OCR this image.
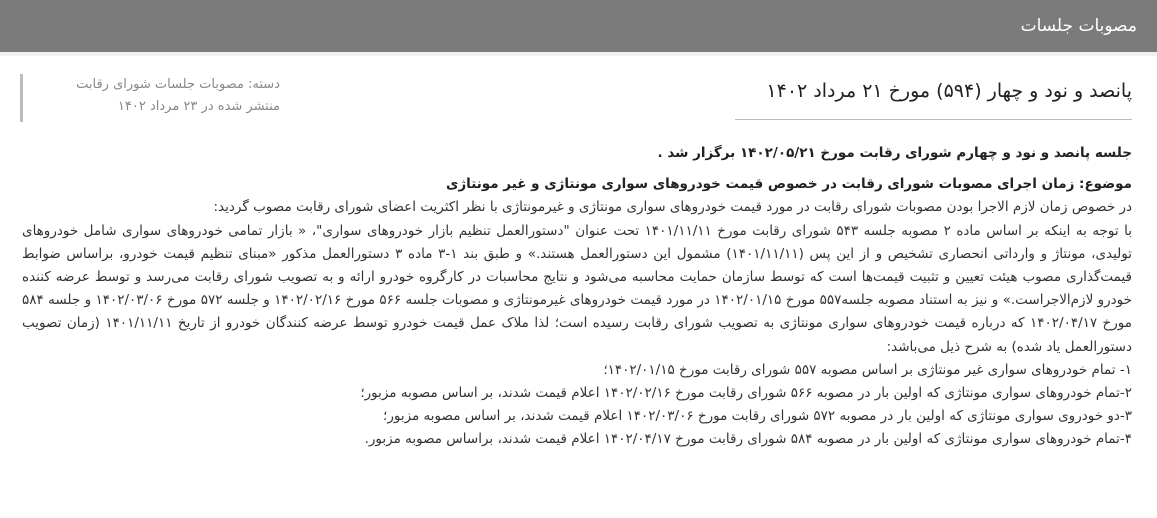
مصوبات جلسات
پانصد و نود و چهار (۵۹۴) مورخ ۲۱ مرداد ۱۴۰۲
دسته: مصوبات جلسات شورای رقابت
منتشر شده در ۲۳ مرداد ۱۴۰۲

جلسه پانصد و نود و چهارم شورای رقابت مورخ ۱۴۰۲/۰۵/۲۱ برگزار شد .

موضوع: زمان اجرای مصوبات شورای رقابت در خصوص قیمت خودروهای سواری مونتاژی و غیر مونتاژی

در خصوص زمان لازم الاجرا بودن مصوبات شورای رقابت در مورد قیمت خودروهای سواری مونتاژی و غیرمونتاژی با نظر اکثریت اعضای شورای رقابت مصوب گردید:

با توجه به اینکه بر اساس ماده ۲ مصوبه جلسه ۵۴۳ شورای رقابت مورخ ۱۴۰۱/۱۱/۱۱ تحت عنوان "دستورالعمل تنظیم بازار خودروهای سواری"، « بازار تمامی خودروهای سواری شامل خودروهای تولیدی، مونتاژ و وارداتی انحصاری تشخیص و از این پس (۱۴۰۱/۱۱/۱۱) مشمول این دستورالعمل هستند.» و طبق بند ۱-۳ ماده ۳ دستورالعمل مذکور «مبنای تنظیم قیمت خودرو، براساس ضوابط قیمت‌گذاری مصوب هیئت تعیین و تثبیت قیمت‌ها است که توسط سازمان حمایت محاسبه می‌شود و نتایج محاسبات در کارگروه خودرو ارائه و به تصویب شورای رقابت می‌رسد و توسط عرضه کننده خودرو لازم‌الاجراست.» و نیز به استناد مصوبه جلسه۵۵۷ مورخ ۱۴۰۲/۰۱/۱۵ در مورد قیمت خودروهای غیرمونتاژی و مصوبات جلسه ۵۶۶ مورخ ۱۴۰۲/۰۲/۱۶ و جلسه ۵۷۲ مورخ ۱۴۰۲/۰۳/۰۶ و جلسه ۵۸۴ مورخ ۱۴۰۲/۰۴/۱۷ که درباره قیمت خودروهای سواری مونتاژی به تصویب شورای رقابت رسیده است؛ لذا ملاک عمل قیمت خودرو توسط عرضه کنندگان خودرو از تاریخ ۱۴۰۱/۱۱/۱۱ (زمان تصویب دستورالعمل یاد شده) به شرح ذیل می‌باشد:

۱- تمام خودروهای سواری غیر مونتاژی بر اساس مصوبه ۵۵۷ شورای رقابت مورخ ۱۴۰۲/۰۱/۱۵؛

۲-تمام خودروهای سواری مونتاژی که اولین بار در مصوبه ۵۶۶ شورای رقابت مورخ ۱۴۰۲/۰۲/۱۶ اعلام قیمت شدند، بر اساس مصوبه مزبور؛

۳-دو خودروی سواری مونتاژی که اولین بار در مصوبه ۵۷۲ شورای رقابت مورخ ۱۴۰۲/۰۳/۰۶ اعلام قیمت شدند، بر اساس مصوبه مزبور؛

۴-تمام خودروهای سواری مونتاژی که اولین بار در مصوبه ۵۸۴ شورای رقابت مورخ ۱۴۰۲/۰۴/۱۷ اعلام قیمت شدند، براساس مصوبه مزبور.
